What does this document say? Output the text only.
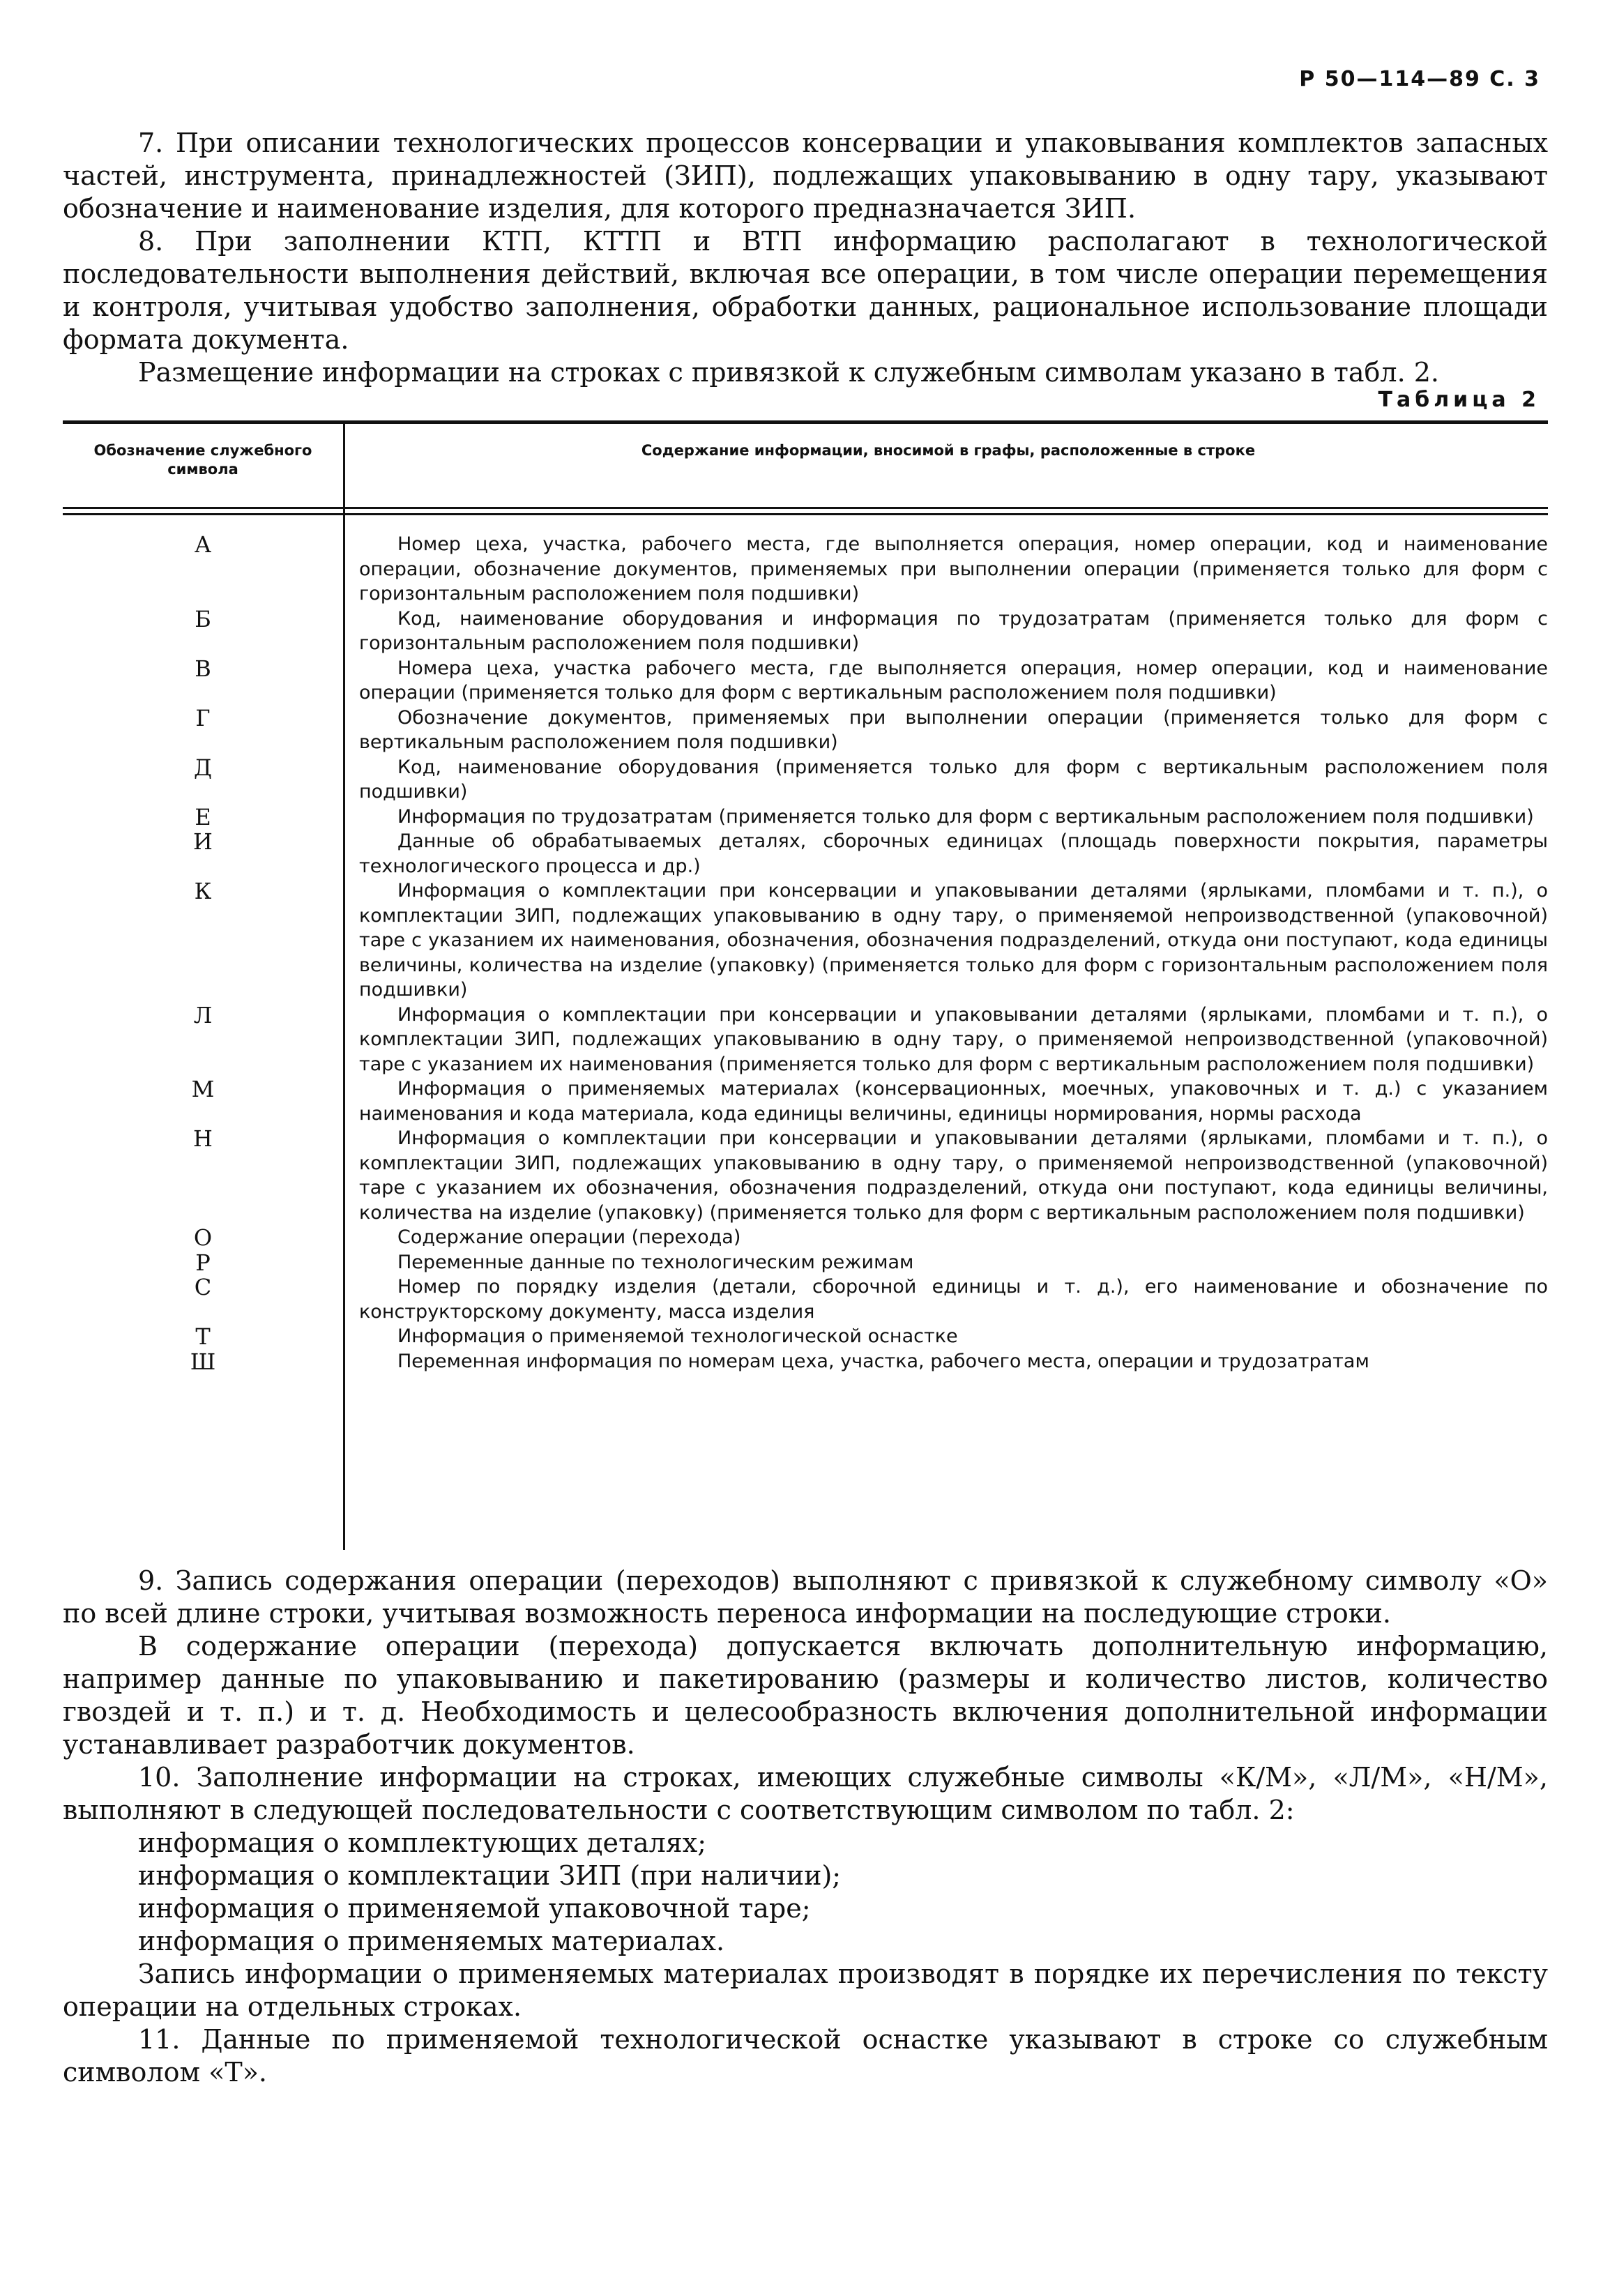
Р 50—114—89 С. 3

7. При описании технологических процессов консервации и упаковывания комплектов запасных частей, инструмента, принадлежностей (ЗИП), подлежащих упаковыванию в одну тару, указывают обозначение и наименование изделия, для которого предназначается ЗИП.

8. При заполнении КТП, КТТП и ВТП информацию располагают в технологической последовательности выполнения действий, включая все операции, в том числе операции перемещения и контроля, учитывая удобство заполнения, обработки данных, рациональное использование площади формата документа.

Размещение информации на строках с привязкой к служебным символам указано в табл. 2.

Таблица 2
Обозначение служебного символа
Содержание информации, вносимой в графы, расположенные в строке
А	Номер цеха, участка, рабочего места, где выполняется операция, номер операции, код и наименование операции, обозначение документов, применяемых при выполнении операции (применяется только для форм с горизонтальным расположением поля подшивки)
Б	Код, наименование оборудования и информация по трудозатратам (применяется только для форм с горизонтальным расположением поля подшивки)
В	Номера цеха, участка рабочего места, где выполняется операция, номер операции, код и наименование операции (применяется только для форм с вертикальным расположением поля подшивки)
Г	Обозначение документов, применяемых при выполнении операции (применяется только для форм с вертикальным расположением поля подшивки)
Д	Код, наименование оборудования (применяется только для форм с вертикальным расположением поля подшивки)
Е	Информация по трудозатратам (применяется только для форм с вертикальным расположением поля подшивки)
И	Данные об обрабатываемых деталях, сборочных единицах (площадь поверхности покрытия, параметры технологического процесса и др.)
К	Информация о комплектации при консервации и упаковывании деталями (ярлыками, пломбами и т. п.), о комплектации ЗИП, подлежащих упаковыванию в одну тару, о применяемой непроизводственной (упаковочной) таре с указанием их наименования, обозначения, обозначения подразделений, откуда они поступают, кода единицы величины, количества на изделие (упаковку) (применяется только для форм с горизонтальным расположением поля подшивки)
Л	Информация о комплектации при консервации и упаковывании деталями (ярлыками, пломбами и т. п.), о комплектации ЗИП, подлежащих упаковыванию в одну тару, о применяемой непроизводственной (упаковочной) таре с указанием их наименования (применяется только для форм с вертикальным расположением поля подшивки)
М	Информация о применяемых материалах (консервационных, моечных, упаковочных и т. д.) с указанием наименования и кода материала, кода единицы величины, единицы нормирования, нормы расхода
Н	Информация о комплектации при консервации и упаковывании деталями (ярлыками, пломбами и т. п.), о комплектации ЗИП, подлежащих упаковыванию в одну тару, о применяемой непроизводственной (упаковочной) таре с указанием их обозначения, обозначения подразделений, откуда они поступают, кода единицы величины, количества на изделие (упаковку) (применяется только для форм с вертикальным расположением поля подшивки)
О	Содержание операции (перехода)
Р	Переменные данные по технологическим режимам
С	Номер по порядку изделия (детали, сборочной единицы и т. д.), его наименование и обозначение по конструкторскому документу, масса изделия
Т	Информация о применяемой технологической оснастке
Ш	Переменная информация по номерам цеха, участка, рабочего места, операции и трудозатратам

9. Запись содержания операции (переходов) выполняют с привязкой к служебному символу «О» по всей длине строки, учитывая возможность переноса информации на последующие строки.

В содержание операции (перехода) допускается включать дополнительную информацию, например данные по упаковыванию и пакетированию (размеры и количество листов, количество гвоздей и т. п.) и т. д. Необходимость и целесообразность включения дополнительной информации устанавливает разработчик документов.

10. Заполнение информации на строках, имеющих служебные символы «К/М», «Л/М», «Н/М», выполняют в следующей последовательности с соответствующим символом по табл. 2:

информация о комплектующих деталях;

информация о комплектации ЗИП (при наличии);

информация о применяемой упаковочной таре;

информация о применяемых материалах.

Запись информации о применяемых материалах производят в порядке их перечисления по тексту операции на отдельных строках.

11. Данные по применяемой технологической оснастке указывают в строке со служебным символом «Т».
